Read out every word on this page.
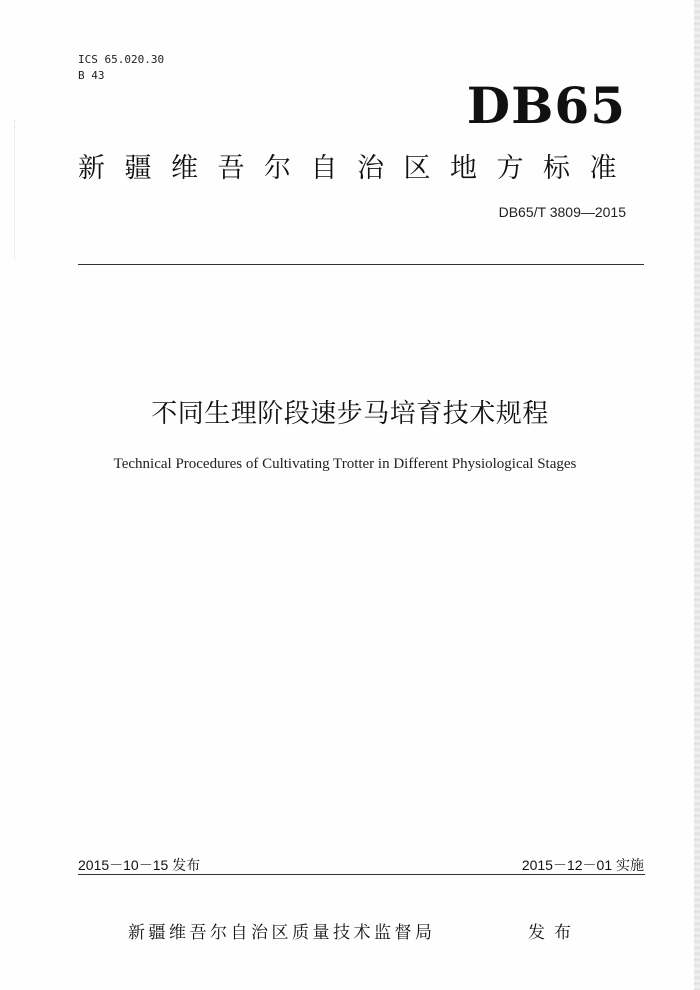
ICS 65.020.30
B 43
DB65
新疆维吾尔自治区地方标准
DB65/T 3809—2015
不同生理阶段速步马培育技术规程
Technical Procedures of Cultivating Trotter in Different Physiological Stages
2015－10－15 发布	2015－12－01 实施
新疆维吾尔自治区质量技术监督局	发布
